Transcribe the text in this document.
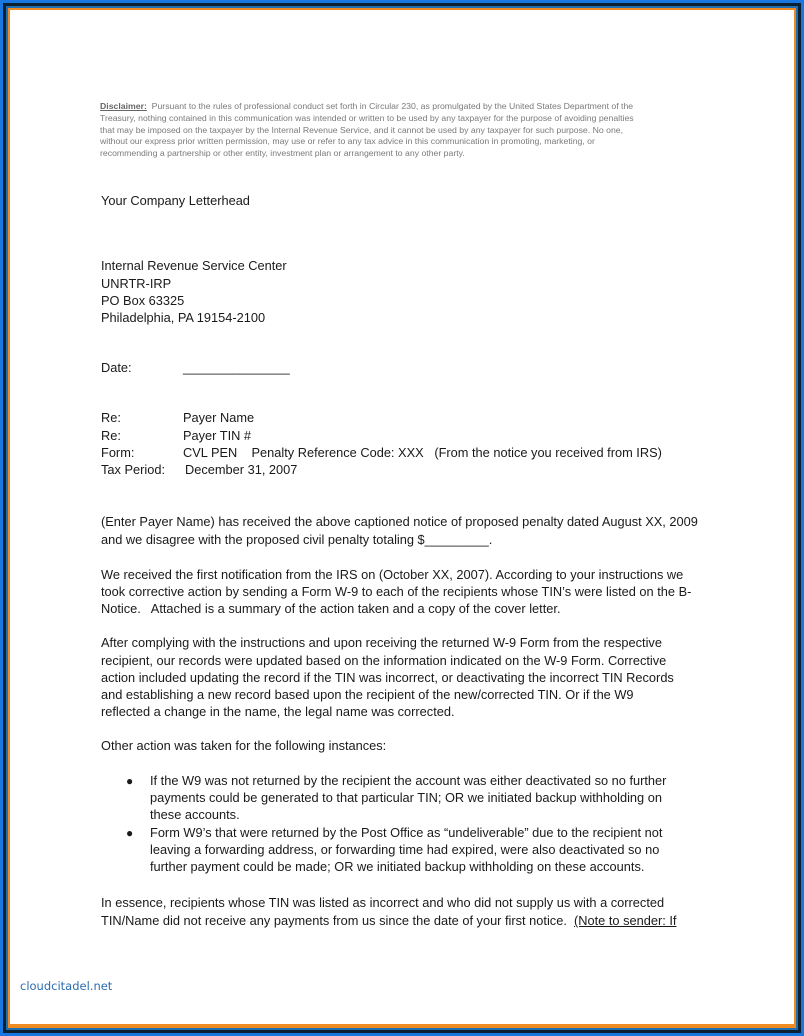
Disclaimer: Pursuant to the rules of professional conduct set forth in Circular 230, as promulgated by the United States Department of the
Treasury, nothing contained in this communication was intended or written to be used by any taxpayer for the purpose of avoiding penalties
that may be imposed on the taxpayer by the Internal Revenue Service, and it cannot be used by any taxpayer for such purpose. No one,
without our express prior written permission, may use or refer to any tax advice in this communication in promoting, marketing, or
recommending a partnership or other entity, investment plan or arrangement to any other party.
Your Company Letterhead
Internal Revenue Service Center
UNRTR-IRP
PO Box 63325
Philadelphia, PA 19154-2100
Date:	_______________
Re:	Payer Name
Re:	Payer TIN #
Form:	CVL PEN    Penalty Reference Code: XXX   (From the notice you received from IRS)
Tax Period: December 31, 2007
(Enter Payer Name) has received the above captioned notice of proposed penalty dated August XX, 2009
and we disagree with the proposed civil penalty totaling $_________.
We received the first notification from the IRS on (October XX, 2007). According to your instructions we
took corrective action by sending a Form W-9 to each of the recipients whose TIN’s were listed on the B-
Notice.   Attached is a summary of the action taken and a copy of the cover letter.
After complying with the instructions and upon receiving the returned W-9 Form from the respective
recipient, our records were updated based on the information indicated on the W-9 Form. Corrective
action included updating the record if the TIN was incorrect, or deactivating the incorrect TIN Records
and establishing a new record based upon the recipient of the new/corrected TIN. Or if the W9
reflected a change in the name, the legal name was corrected.
Other action was taken for the following instances:
● If the W9 was not returned by the recipient the account was either deactivated so no further
payments could be generated to that particular TIN; OR we initiated backup withholding on
these accounts.
● Form W9’s that were returned by the Post Office as “undeliverable” due to the recipient not
leaving a forwarding address, or forwarding time had expired, were also deactivated so no
further payment could be made; OR we initiated backup withholding on these accounts.
In essence, recipients whose TIN was listed as incorrect and who did not supply us with a corrected
TIN/Name did not receive any payments from us since the date of your first notice.  (Note to sender: If
cloudcitadel.net
